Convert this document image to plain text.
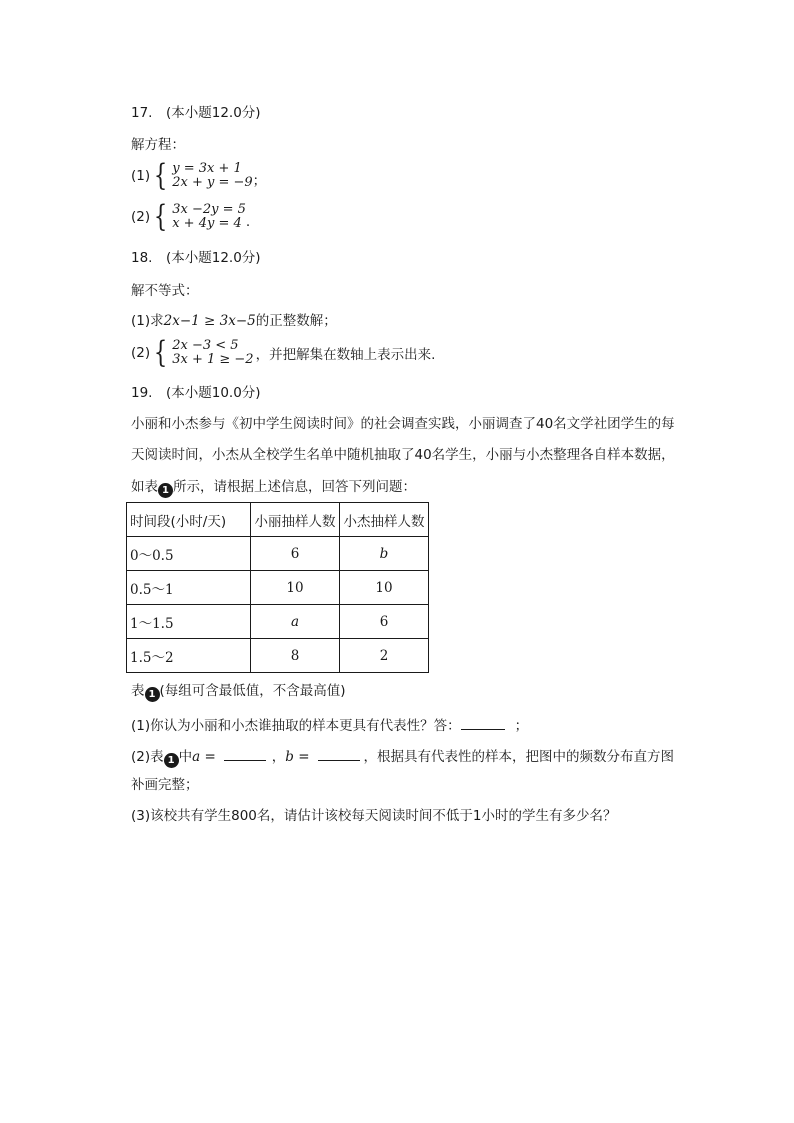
17.　(本小题12.0分)
解方程：
(1) { y = 3x + 1
2x + y = −9 ；
(2) { 3x −2y = 5
x + 4y = 4 .
18.　(本小题12.0分)
解不等式：
(1)求2x−1 ≥ 3x−5的正整数解；
(2) { 2x −3 < 5
3x + 1 ≥ −2 ，并把解集在数轴上表示出来.
19.　(本小题10.0分)
小丽和小杰参与《初中学生阅读时间》的社会调查实践，小丽调查了40名文学社团学生的每
天阅读时间，小杰从全校学生名单中随机抽取了40名学生，小丽与小杰整理各自样本数据，
如表 1 所示，请根据上述信息，回答下列问题：
时间段(小时/天)	小丽抽样人数	小杰抽样人数
0～0.5	6	b
0.5～1	10	10
1～1.5	a	6
1.5～2	8	2
表 1 (每组可含最低值，不含最高值)
(1)你认为小丽和小杰谁抽取的样本更具有代表性？答：	；
(2)表 1 中a =	，b =	，根据具有代表性的样本，把图中的频数分布直方图
补画完整；
(3)该校共有学生800名，请估计该校每天阅读时间不低于1小时的学生有多少名？
